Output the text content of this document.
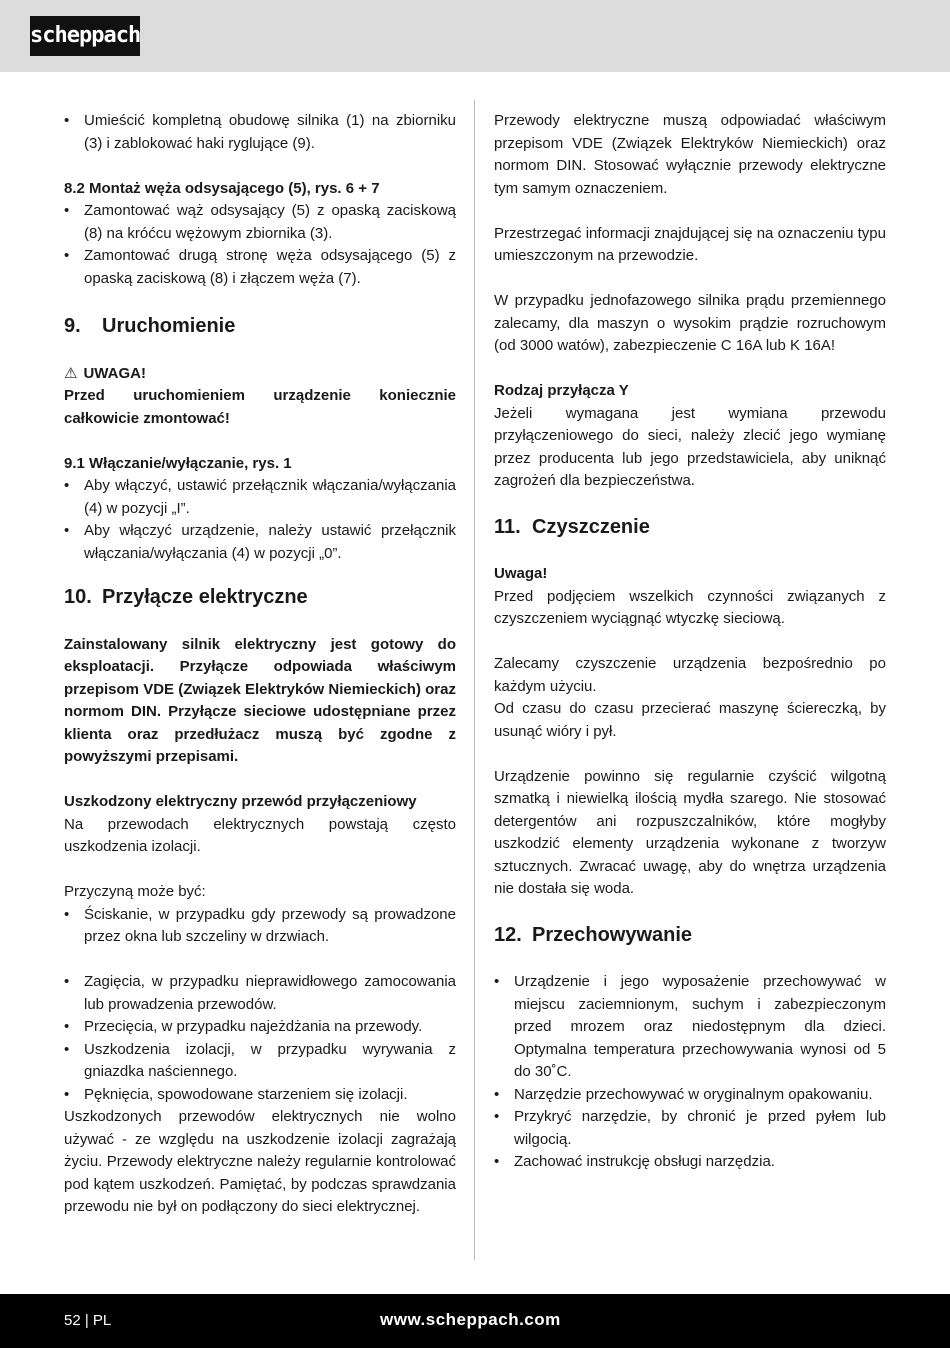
scheppach
• Umieścić kompletną obudowę silnika (1) na zbiorniku (3) i zablokować haki ryglujące (9).

8.2 Montaż węża odsysającego (5), rys. 6 + 7

• Zamontować wąż odsysający (5) z opaską zaciskową (8) na króćcu wężowym zbiornika (3).
• Zamontować drugą stronę węża odsysającego (5) z opaską zaciskową (8) i złączem węża (7).
9. Uruchomienie

⚠ UWAGA!

Przed uruchomieniem urządzenie koniecznie całkowicie zmontować!

9.1 Włączanie/wyłączanie, rys. 1

• Aby włączyć, ustawić przełącznik włączania/wyłączania (4) w pozycji „I”.
• Aby włączyć urządzenie, należy ustawić przełącznik włączania/wyłączania (4) w pozycji „0”.
10. Przyłącze elektryczne

Zainstalowany silnik elektryczny jest gotowy do eksploatacji. Przyłącze odpowiada właściwym przepisom VDE (Związek Elektryków Niemieckich) oraz normom DIN. Przyłącze sieciowe udostępniane przez klienta oraz przedłużacz muszą być zgodne z powyższymi przepisami.

Uszkodzony elektryczny przewód przyłączeniowy

Na przewodach elektrycznych powstają często uszkodzenia izolacji.

Przyczyną może być:

• Ściskanie, w przypadku gdy przewody są prowadzone przez okna lub szczeliny w drzwiach.
• Zagięcia, w przypadku nieprawidłowego zamocowania lub prowadzenia przewodów.
• Przecięcia, w przypadku najeżdżania na przewody.
• Uszkodzenia izolacji, w przypadku wyrywania z gniazdka naściennego.
• Pęknięcia, spowodowane starzeniem się izolacji.

Uszkodzonych przewodów elektrycznych nie wolno używać - ze względu na uszkodzenie izolacji zagrażają życiu. Przewody elektryczne należy regularnie kontrolować pod kątem uszkodzeń. Pamiętać, by podczas sprawdzania przewodu nie był on podłączony do sieci elektrycznej.

Przewody elektryczne muszą odpowiadać właściwym przepisom VDE (Związek Elektryków Niemieckich) oraz normom DIN. Stosować wyłącznie przewody elektryczne tym samym oznaczeniem.

Przestrzegać informacji znajdującej się na oznaczeniu typu umieszczonym na przewodzie.

W przypadku jednofazowego silnika prądu przemiennego zalecamy, dla maszyn o wysokim prądzie rozruchowym (od 3000 watów), zabezpieczenie C 16A lub K 16A!

Rodzaj przyłącza Y

Jeżeli wymagana jest wymiana przewodu przyłączeniowego do sieci, należy zlecić jego wymianę przez producenta lub jego przedstawiciela, aby uniknąć zagrożeń dla bezpieczeństwa.

11. Czyszczenie

Uwaga!

Przed podjęciem wszelkich czynności związanych z czyszczeniem wyciągnąć wtyczkę sieciową.

Zalecamy czyszczenie urządzenia bezpośrednio po każdym użyciu.

Od czasu do czasu przecierać maszynę ściereczką, by usunąć wióry i pył.

Urządzenie powinno się regularnie czyścić wilgotną szmatką i niewielką ilością mydła szarego. Nie stosować detergentów ani rozpuszczalników, które mogłyby uszkodzić elementy urządzenia wykonane z tworzyw sztucznych. Zwracać uwagę, aby do wnętrza urządzenia nie dostała się woda.

12. Przechowywanie
• Urządzenie i jego wyposażenie przechowywać w miejscu zaciemnionym, suchym i zabezpieczonym przed mrozem oraz niedostępnym dla dzieci. Optymalna temperatura przechowywania wynosi od 5 do 30˚C.
• Narzędzie przechowywać w oryginalnym opakowaniu.
• Przykryć narzędzie, by chronić je przed pyłem lub wilgocią.
• Zachować instrukcję obsługi narzędzia.
52 | PL	www.scheppach.com
